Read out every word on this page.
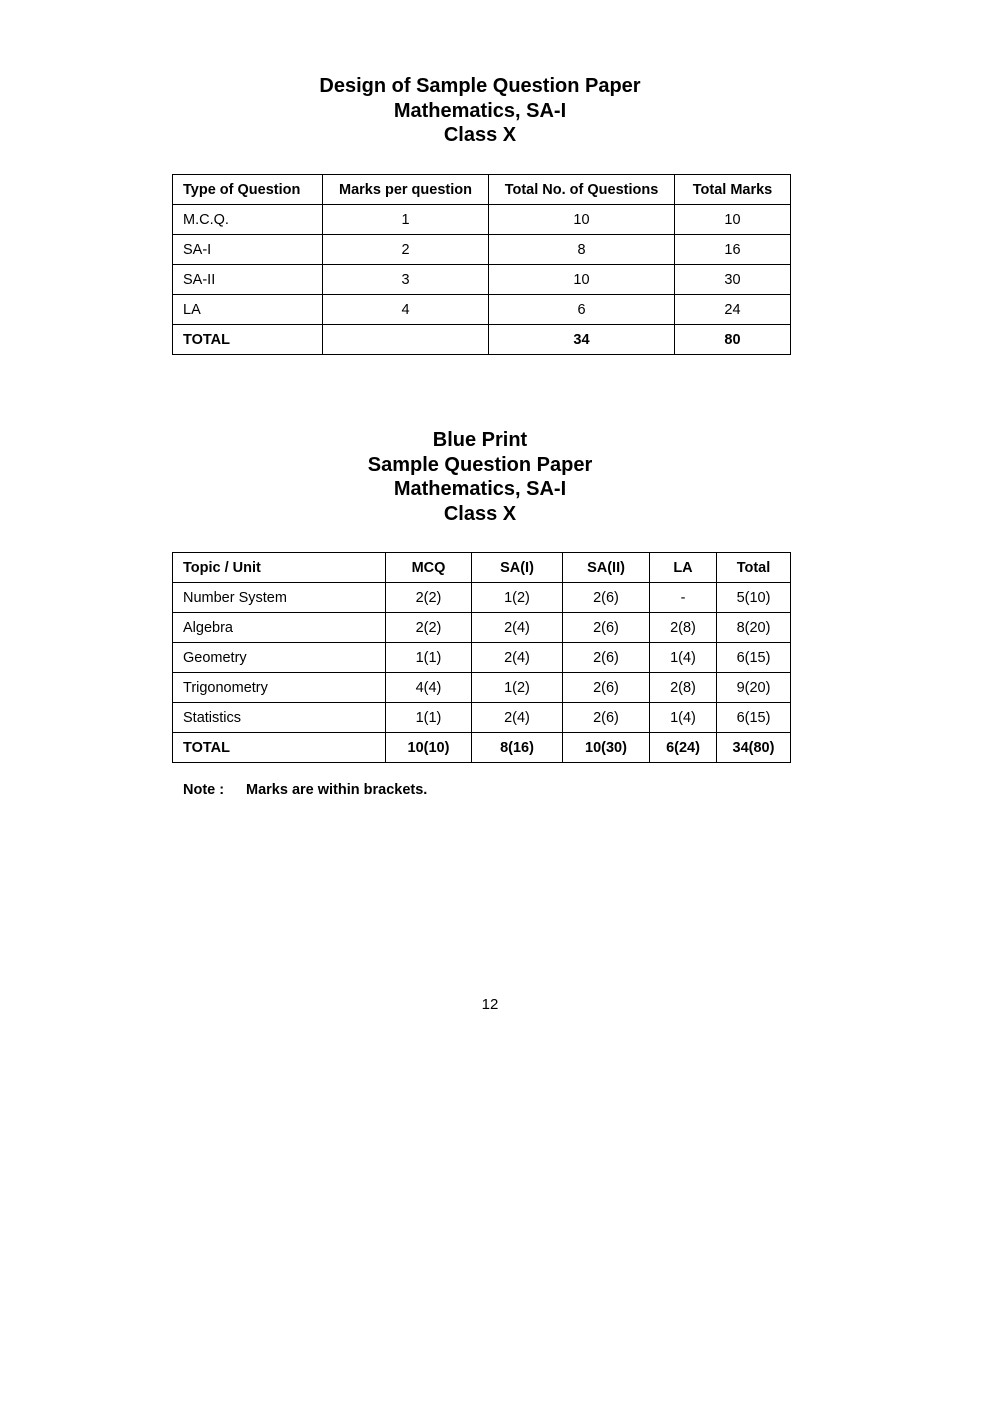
Design of Sample Question Paper
Mathematics, SA-I
Class X
Type of Question	Marks per question	Total No. of Questions	Total Marks
M.C.Q.	1	10	10
SA-I	2	8	16
SA-II	3	10	30
LA	4	6	24
TOTAL		34	80
Blue Print
Sample Question Paper
Mathematics, SA-I
Class X
Topic / Unit	MCQ	SA(I)	SA(II)	LA	Total
Number System	2(2)	1(2)	2(6)	-	5(10)
Algebra	2(2)	2(4)	2(6)	2(8)	8(20)
Geometry	1(1)	2(4)	2(6)	1(4)	6(15)
Trigonometry	4(4)	1(2)	2(6)	2(8)	9(20)
Statistics	1(1)	2(4)	2(6)	1(4)	6(15)
TOTAL	10(10)	8(16)	10(30)	6(24)	34(80)
Note : Marks are within brackets.
12
